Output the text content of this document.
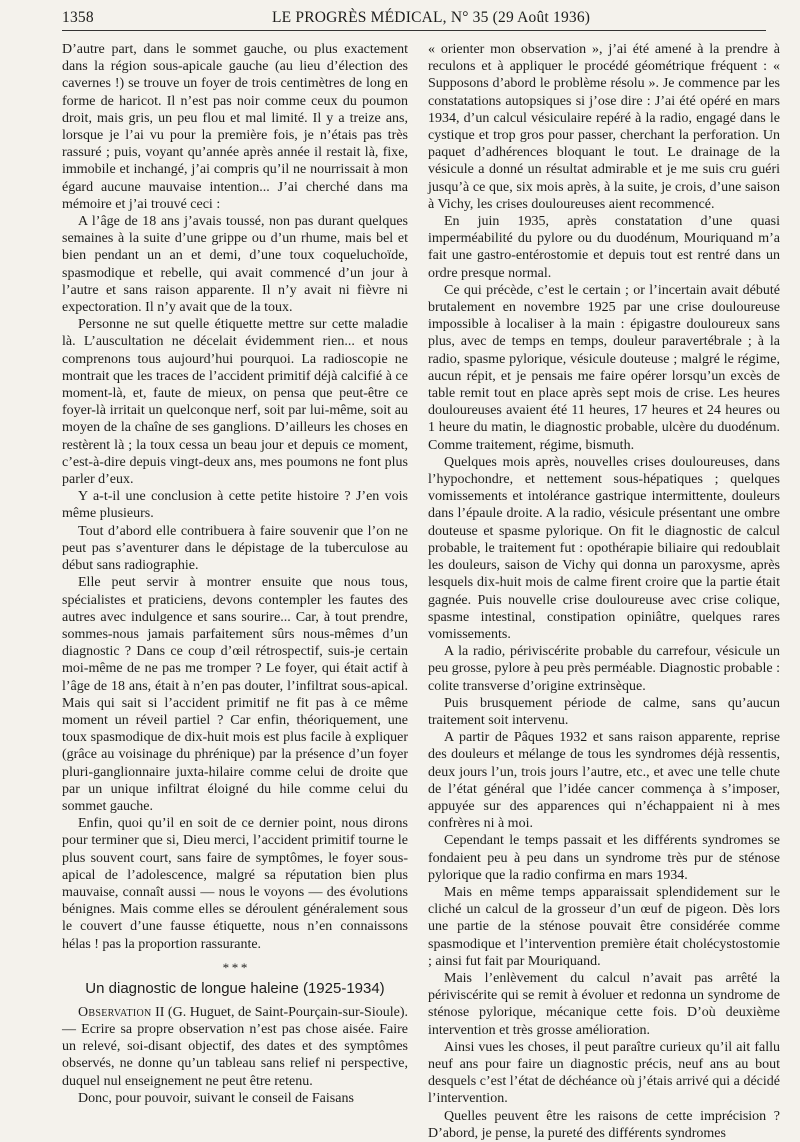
1358	LE PROGRÈS MÉDICAL, N° 35 (29 Août 1936)

D’autre part, dans le sommet gauche, ou plus exactement dans la région sous-apicale gauche (au lieu d’élection des cavernes !) se trouve un foyer de trois centimètres de long en forme de haricot. Il n’est pas noir comme ceux du poumon droit, mais gris, un peu flou et mal limité. Il y a treize ans, lorsque je l’ai vu pour la première fois, je n’étais pas très rassuré ; puis, voyant qu’année après année il restait là, fixe, immobile et inchangé, j’ai compris qu’il ne nourrissait à mon égard aucune mauvaise intention... J’ai cherché dans ma mémoire et j’ai trouvé ceci :

A l’âge de 18 ans j’avais toussé, non pas durant quelques semaines à la suite d’une grippe ou d’un rhume, mais bel et bien pendant un an et demi, d’une toux coqueluchoïde, spasmodique et rebelle, qui avait commencé d’un jour à l’autre et sans raison apparente. Il n’y avait ni fièvre ni expectoration. Il n’y avait que de la toux.

Personne ne sut quelle étiquette mettre sur cette maladie là. L’auscultation ne décelait évidemment rien... et nous comprenons tous aujourd’hui pourquoi. La radioscopie ne montrait que les traces de l’accident primitif déjà calcifié à ce moment-là, et, faute de mieux, on pensa que peut-être ce foyer-là irritait un quelconque nerf, soit par lui-même, soit au moyen de la chaîne de ses ganglions. D’ailleurs les choses en restèrent là ; la toux cessa un beau jour et depuis ce moment, c’est-à-dire depuis vingt-deux ans, mes poumons ne font plus parler d’eux.

Y a-t-il une conclusion à cette petite histoire ? J’en vois même plusieurs.

Tout d’abord elle contribuera à faire souvenir que l’on ne peut pas s’aventurer dans le dépistage de la tuberculose au début sans radiographie.

Elle peut servir à montrer ensuite que nous tous, spécialistes et praticiens, devons contempler les fautes des autres avec indulgence et sans sourire... Car, à tout prendre, sommes-nous jamais parfaitement sûrs nous-mêmes d’un diagnostic ? Dans ce coup d’œil rétrospectif, suis-je certain moi-même de ne pas me tromper ? Le foyer, qui était actif à l’âge de 18 ans, était à n’en pas douter, l’infiltrat sous-apical. Mais qui sait si l’accident primitif ne fit pas à ce même moment un réveil partiel ? Car enfin, théoriquement, une toux spasmodique de dix-huit mois est plus facile à expliquer (grâce au voisinage du phrénique) par la présence d’un foyer pluri-ganglionnaire juxta-hilaire comme celui de droite que par un unique infiltrat éloigné du hile comme celui du sommet gauche.

Enfin, quoi qu’il en soit de ce dernier point, nous dirons pour terminer que si, Dieu merci, l’accident primitif tourne le plus souvent court, sans faire de symptômes, le foyer sous-apical de l’adolescence, malgré sa réputation bien plus mauvaise, connaît aussi — nous le voyons — des évolutions bénignes. Mais comme elles se déroulent généralement sous le couvert d’une fausse étiquette, nous n’en connaissons hélas ! pas la proportion rassurante.

* * *
Un diagnostic de longue haleine (1925-1934)

Observation II (G. Huguet, de Saint-Pourçain-sur-Sioule). — Ecrire sa propre observation n’est pas chose aisée. Faire un relevé, soi-disant objectif, des dates et des symptômes observés, ne donne qu’un tableau sans relief ni perspective, duquel nul enseignement ne peut être retenu.

Donc, pour pouvoir, suivant le conseil de Faisans

« orienter mon observation », j’ai été amené à la prendre à reculons et à appliquer le procédé géométrique fréquent : « Supposons d’abord le problème résolu ». Je commence par les constatations autopsiques si j’ose dire : J’ai été opéré en mars 1934, d’un calcul vésiculaire repéré à la radio, engagé dans le cystique et trop gros pour passer, cherchant la perforation. Un paquet d’adhérences bloquant le tout. Le drainage de la vésicule a donné un résultat admirable et je me suis cru guéri jusqu’à ce que, six mois après, à la suite, je crois, d’une saison à Vichy, les crises douloureuses aient recommencé.

En juin 1935, après constatation d’une quasi imperméabilité du pylore ou du duodénum, Mouriquand m’a fait une gastro-entérostomie et depuis tout est rentré dans un ordre presque normal.

Ce qui précède, c’est le certain ; or l’incertain avait débuté brutalement en novembre 1925 par une crise douloureuse impossible à localiser à la main : épigastre douloureux sans plus, avec de temps en temps, douleur paravertébrale ; à la radio, spasme pylorique, vésicule douteuse ; malgré le régime, aucun répit, et je pensais me faire opérer lorsqu’un excès de table remit tout en place après sept mois de crise. Les heures douloureuses avaient été 11 heures, 17 heures et 24 heures ou 1 heure du matin, le diagnostic probable, ulcère du duodénum. Comme traitement, régime, bismuth.

Quelques mois après, nouvelles crises douloureuses, dans l’hypochondre, et nettement sous-hépatiques ; quelques vomissements et intolérance gastrique intermittente, douleurs dans l’épaule droite. A la radio, vésicule présentant une ombre douteuse et spasme pylorique. On fit le diagnostic de calcul probable, le traitement fut : opothérapie biliaire qui redoublait les douleurs, saison de Vichy qui donna un paroxysme, après lesquels dix-huit mois de calme firent croire que la partie était gagnée. Puis nouvelle crise douloureuse avec crise colique, spasme intestinal, constipation opiniâtre, quelques rares vomissements.

A la radio, périviscérite probable du carrefour, vésicule un peu grosse, pylore à peu près perméable. Diagnostic probable : colite transverse d’origine extrinsèque.

Puis brusquement période de calme, sans qu’aucun traitement soit intervenu.

A partir de Pâques 1932 et sans raison apparente, reprise des douleurs et mélange de tous les syndromes déjà ressentis, deux jours l’un, trois jours l’autre, etc., et avec une telle chute de l’état général que l’idée cancer commença à s’imposer, appuyée sur des apparences qui n’échappaient ni à mes confrères ni à moi.

Cependant le temps passait et les différents syndromes se fondaient peu à peu dans un syndrome très pur de sténose pylorique que la radio confirma en mars 1934.

Mais en même temps apparaissait splendidement sur le cliché un calcul de la grosseur d’un œuf de pigeon. Dès lors une partie de la sténose pouvait être considérée comme spasmodique et l’intervention première était cholécystostomie ; ainsi fut fait par Mouriquand.

Mais l’enlèvement du calcul n’avait pas arrêté la périviscérite qui se remit à évoluer et redonna un syndrome de sténose pylorique, mécanique cette fois. D’où deuxième intervention et très grosse amélioration.

Ainsi vues les choses, il peut paraître curieux qu’il ait fallu neuf ans pour faire un diagnostic précis, neuf ans au bout desquels c’est l’état de déchéance où j’étais arrivé qui a décidé l’intervention.

Quelles peuvent être les raisons de cette imprécision ? D’abord, je pense, la pureté des différents syndromes
